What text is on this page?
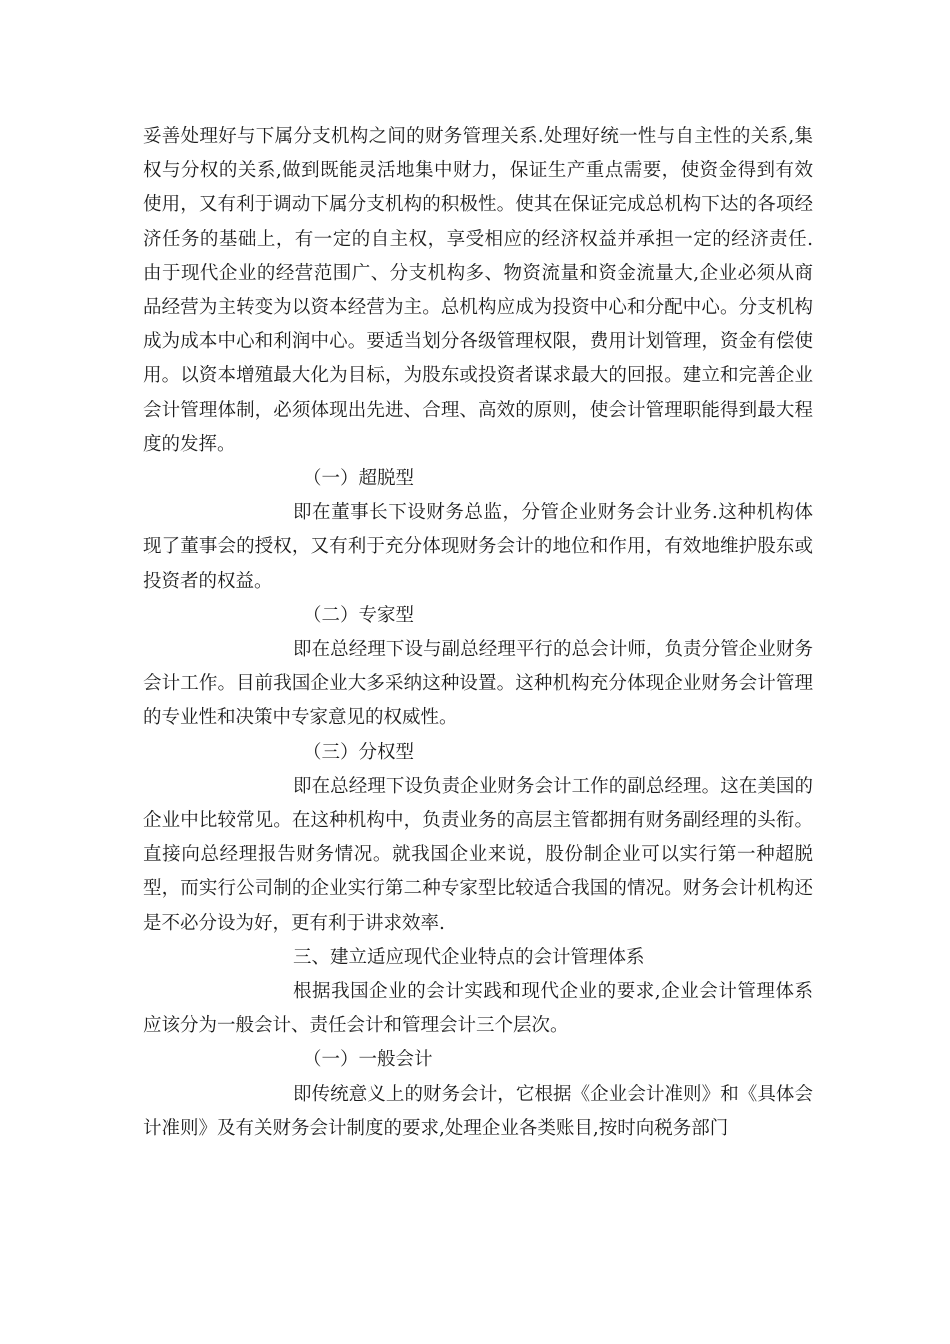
妥善处理好与下属分支机构之间的财务管理关系.处理好统一性与自主性的关系,集权与分权的关系,做到既能灵活地集中财力，保证生产重点需要，使资金得到有效使用，又有利于调动下属分支机构的积极性。使其在保证完成总机构下达的各项经济任务的基础上，有一定的自主权，享受相应的经济权益并承担一定的经济责任.由于现代企业的经营范围广、分支机构多、物资流量和资金流量大,企业必须从商品经营为主转变为以资本经营为主。总机构应成为投资中心和分配中心。分支机构成为成本中心和利润中心。要适当划分各级管理权限，费用计划管理，资金有偿使用。以资本增殖最大化为目标，为股东或投资者谋求最大的回报。建立和完善企业会计管理体制，必须体现出先进、合理、高效的原则，使会计管理职能得到最大程度的发挥。

（一）超脱型

即在董事长下设财务总监，分管企业财务会计业务.这种机构体现了董事会的授权，又有利于充分体现财务会计的地位和作用，有效地维护股东或投资者的权益。

（二）专家型

即在总经理下设与副总经理平行的总会计师，负责分管企业财务会计工作。目前我国企业大多采纳这种设置。这种机构充分体现企业财务会计管理的专业性和决策中专家意见的权威性。

（三）分权型

即在总经理下设负责企业财务会计工作的副总经理。这在美国的企业中比较常见。在这种机构中，负责业务的高层主管都拥有财务副经理的头衔。直接向总经理报告财务情况。就我国企业来说，股份制企业可以实行第一种超脱型，而实行公司制的企业实行第二种专家型比较适合我国的情况。财务会计机构还是不必分设为好，更有利于讲求效率.

三、建立适应现代企业特点的会计管理体系

根据我国企业的会计实践和现代企业的要求,企业会计管理体系应该分为一般会计、责任会计和管理会计三个层次。

（一）一般会计

即传统意义上的财务会计，它根据《企业会计准则》和《具体会计准则》及有关财务会计制度的要求,处理企业各类账目,按时向税务部门
